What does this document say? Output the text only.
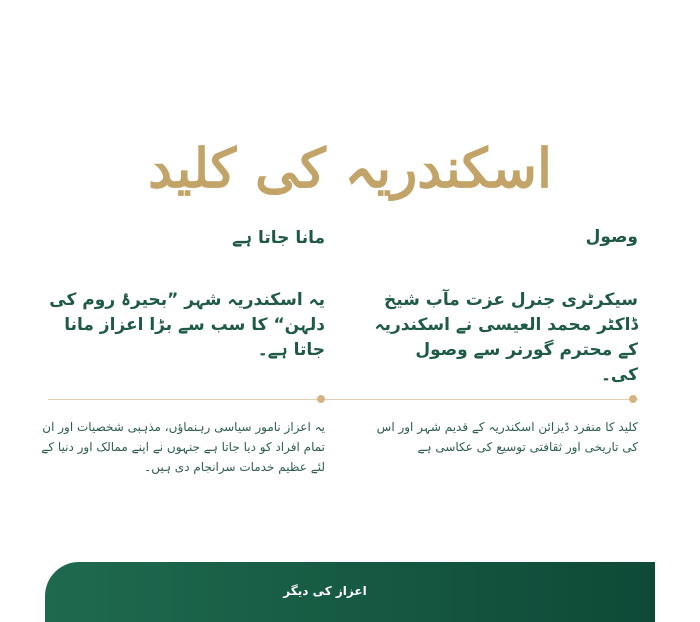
اسکندریہ کی کلید
وصول
سیکرٹری جنرل عزت مآب شیخ ڈاکٹر محمد العیسی نے اسکندریہ کے محترم گورنر سے وصول کی۔
مانا جاتا ہے
یہ اسکندریہ شہر ”بحیرۂ روم کی دلہن“ کا سب سے بڑا اعزاز مانا جاتا ہے۔
کلید کا منفرد ڈیزائن اسکندریہ کے قدیم شہر اور اس کی تاریخی اور ثقافتی توسیع کی عکاسی ہے
یہ اعزاز نامور سیاسی رہنماؤں، مذہبی شخصیات اور ان تمام افراد کو دیا جاتا ہے جنہوں نے اپنے ممالک اور دنیا کے لئے عظیم خدمات سرانجام دی ہیں۔
اعزاز کی دیگر
